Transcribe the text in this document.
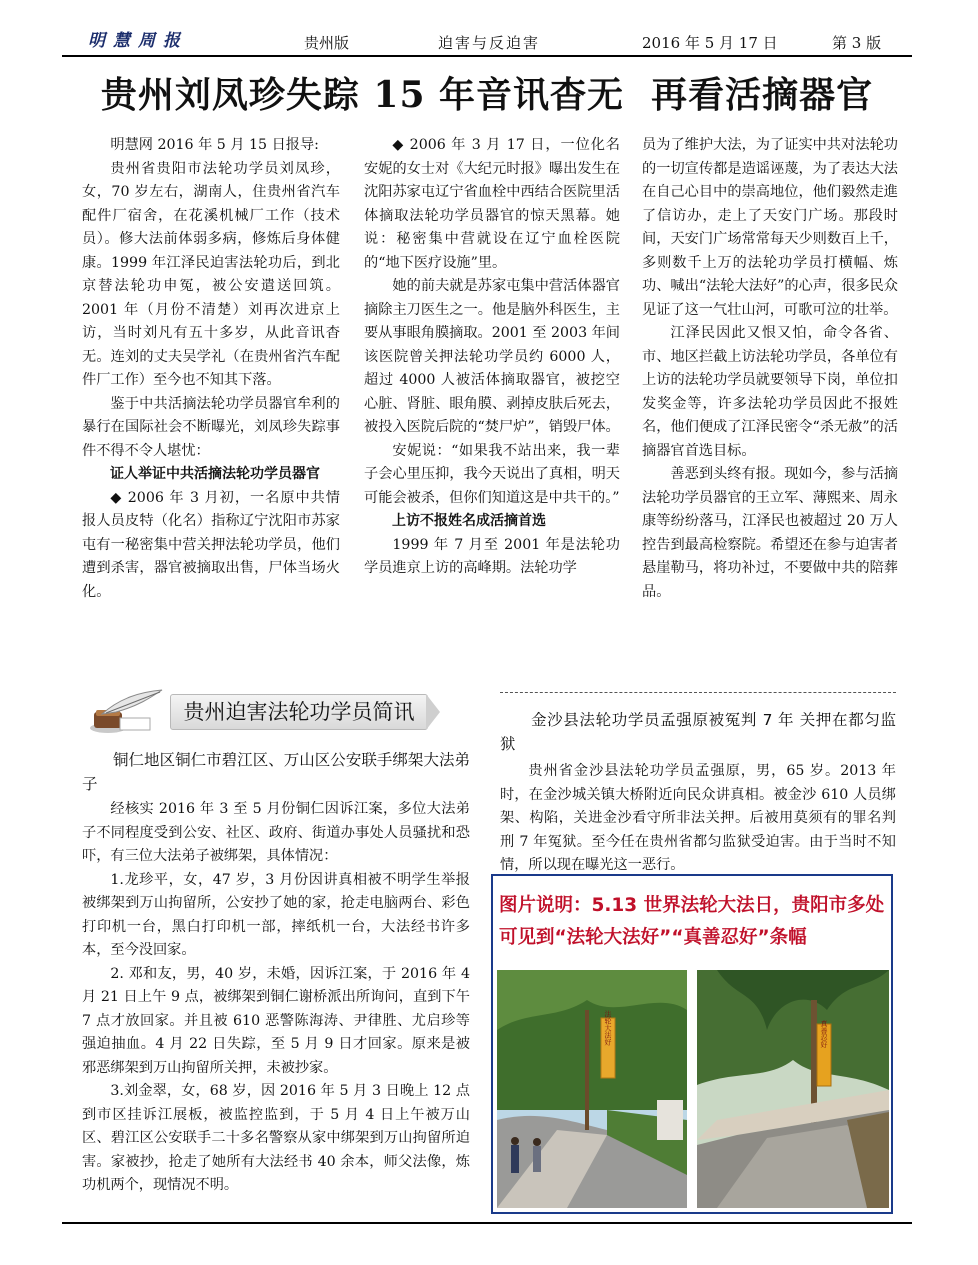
明慧周报	贵州版	迫害与反迫害	2016 年 5 月 17 日	第 3 版
贵州刘凤珍失踪 15 年音讯杳无  再看活摘器官

明慧网 2016 年 5 月 15 日报导:

贵州省贵阳市法轮功学员刘凤珍，女，70 岁左右，湖南人，住贵州省汽车配件厂宿舍，在花溪机械厂工作（技术员）。修大法前体弱多病，修炼后身体健康。1999 年江泽民迫害法轮功后，到北京替法轮功申冤，被公安遣送回筑。2001 年（月份不清楚）刘再次进京上访，当时刘凡有五十多岁，从此音讯杳无。连刘的丈夫吴学礼（在贵州省汽车配件厂工作）至今也不知其下落。

鉴于中共活摘法轮功学员器官牟利的暴行在国际社会不断曝光，刘凤珍失踪事件不得不令人堪忧：

证人举证中共活摘法轮功学员器官

◆ 2006 年 3 月初，一名原中共情报人员皮特（化名）指称辽宁沈阳市苏家屯有一秘密集中营关押法轮功学员，他们遭到杀害，器官被摘取出售，尸体当场火化。

◆ 2006 年 3 月 17 日，一位化名安妮的女士对《大纪元时报》曝出发生在沈阳苏家屯辽宁省血栓中西结合医院里活体摘取法轮功学员器官的惊天黑幕。她说：秘密集中营就设在辽宁血栓医院的“地下医疗设施”里。

她的前夫就是苏家屯集中营活体器官摘除主刀医生之一。他是脑外科医生，主要从事眼角膜摘取。2001 至 2003 年间该医院曾关押法轮功学员约 6000 人，超过 4000 人被活体摘取器官，被挖空心脏、肾脏、眼角膜、剥掉皮肤后死去，被投入医院后院的“焚尸炉”，销毁尸体。

安妮说：“如果我不站出来，我一辈子会心里压抑，我今天说出了真相，明天可能会被杀，但你们知道这是中共干的。”

上访不报姓名成活摘首选

1999 年 7 月至 2001 年是法轮功学员進京上访的高峰期。法轮功学

员为了维护大法，为了证实中共对法轮功的一切宣传都是造谣诬蔑，为了表达大法在自己心目中的崇高地位，他们毅然走進了信访办，走上了天安门广场。那段时间，天安门广场常常每天少则数百上千，多则数千上万的法轮功学员打横幅、炼功、喊出“法轮大法好”的心声，很多民众见证了这一气壮山河，可歌可泣的壮举。

江泽民因此又恨又怕，命令各省、市、地区拦截上访法轮功学员，各单位有上访的法轮功学员就要领导下岗，单位扣发奖金等，许多法轮功学员因此不报姓名，他们便成了江泽民密令“杀无赦”的活摘器官首选目标。

善恶到头终有报。现如今，参与活摘法轮功学员器官的王立军、薄熙来、周永康等纷纷落马，江泽民也被超过 20 万人控告到最高检察院。希望还在参与迫害者悬崖勒马，将功补过，不要做中共的陪葬品。

贵州迫害法轮功学员简讯

铜仁地区铜仁市碧江区、万山区公安联手绑架大法弟子

经核实 2016 年 3 至 5 月份铜仁因诉江案，多位大法弟子不同程度受到公安、社区、政府、街道办事处人员骚扰和恐吓，有三位大法弟子被绑架，具体情况：

1.龙珍平，女，47 岁，3 月份因讲真相被不明学生举报被绑架到万山拘留所，公安抄了她的家，抢走电脑两台、彩色打印机一台，黑白打印机一部，摔纸机一台，大法经书许多本，至今没回家。

2. 邓和友，男，40 岁，未婚，因诉江案，于 2016 年 4 月 21 日上午 9 点，被绑架到铜仁谢桥派出所询问，直到下午 7 点才放回家。并且被 610 恶警陈海涛、尹律胜、尤启珍等强迫抽血。4 月 22 日失踪，至 5 月 9 日才回家。原来是被邪恶绑架到万山拘留所关押，未被抄家。

3.刘金翠，女，68 岁，因 2016 年 5 月 3 日晚上 12 点到市区挂诉江展板，被监控监到，于 5 月 4 日上午被万山区、碧江区公安联手二十多名警察从家中绑架到万山拘留所迫害。家被抄，抢走了她所有大法经书 40 余本，师父法像，炼功机两个，现情况不明。

金沙县法轮功学员孟强原被冤判 7 年 关押在都匀监狱

贵州省金沙县法轮功学员孟强原，男，65 岁。2013 年时，在金沙城关镇大桥附近向民众讲真相。被金沙 610 人员绑架、构陷，关进金沙看守所非法关押。后被用莫须有的罪名判刑 7 年冤狱。至今任在贵州省都匀监狱受迫害。由于当时不知情，所以现在曝光这一恶行。

图片说明：5.13 世界法轮大法日，贵阳市多处可见到“法轮大法好”“真善忍好”条幅
法轮大法好	真善忍好
